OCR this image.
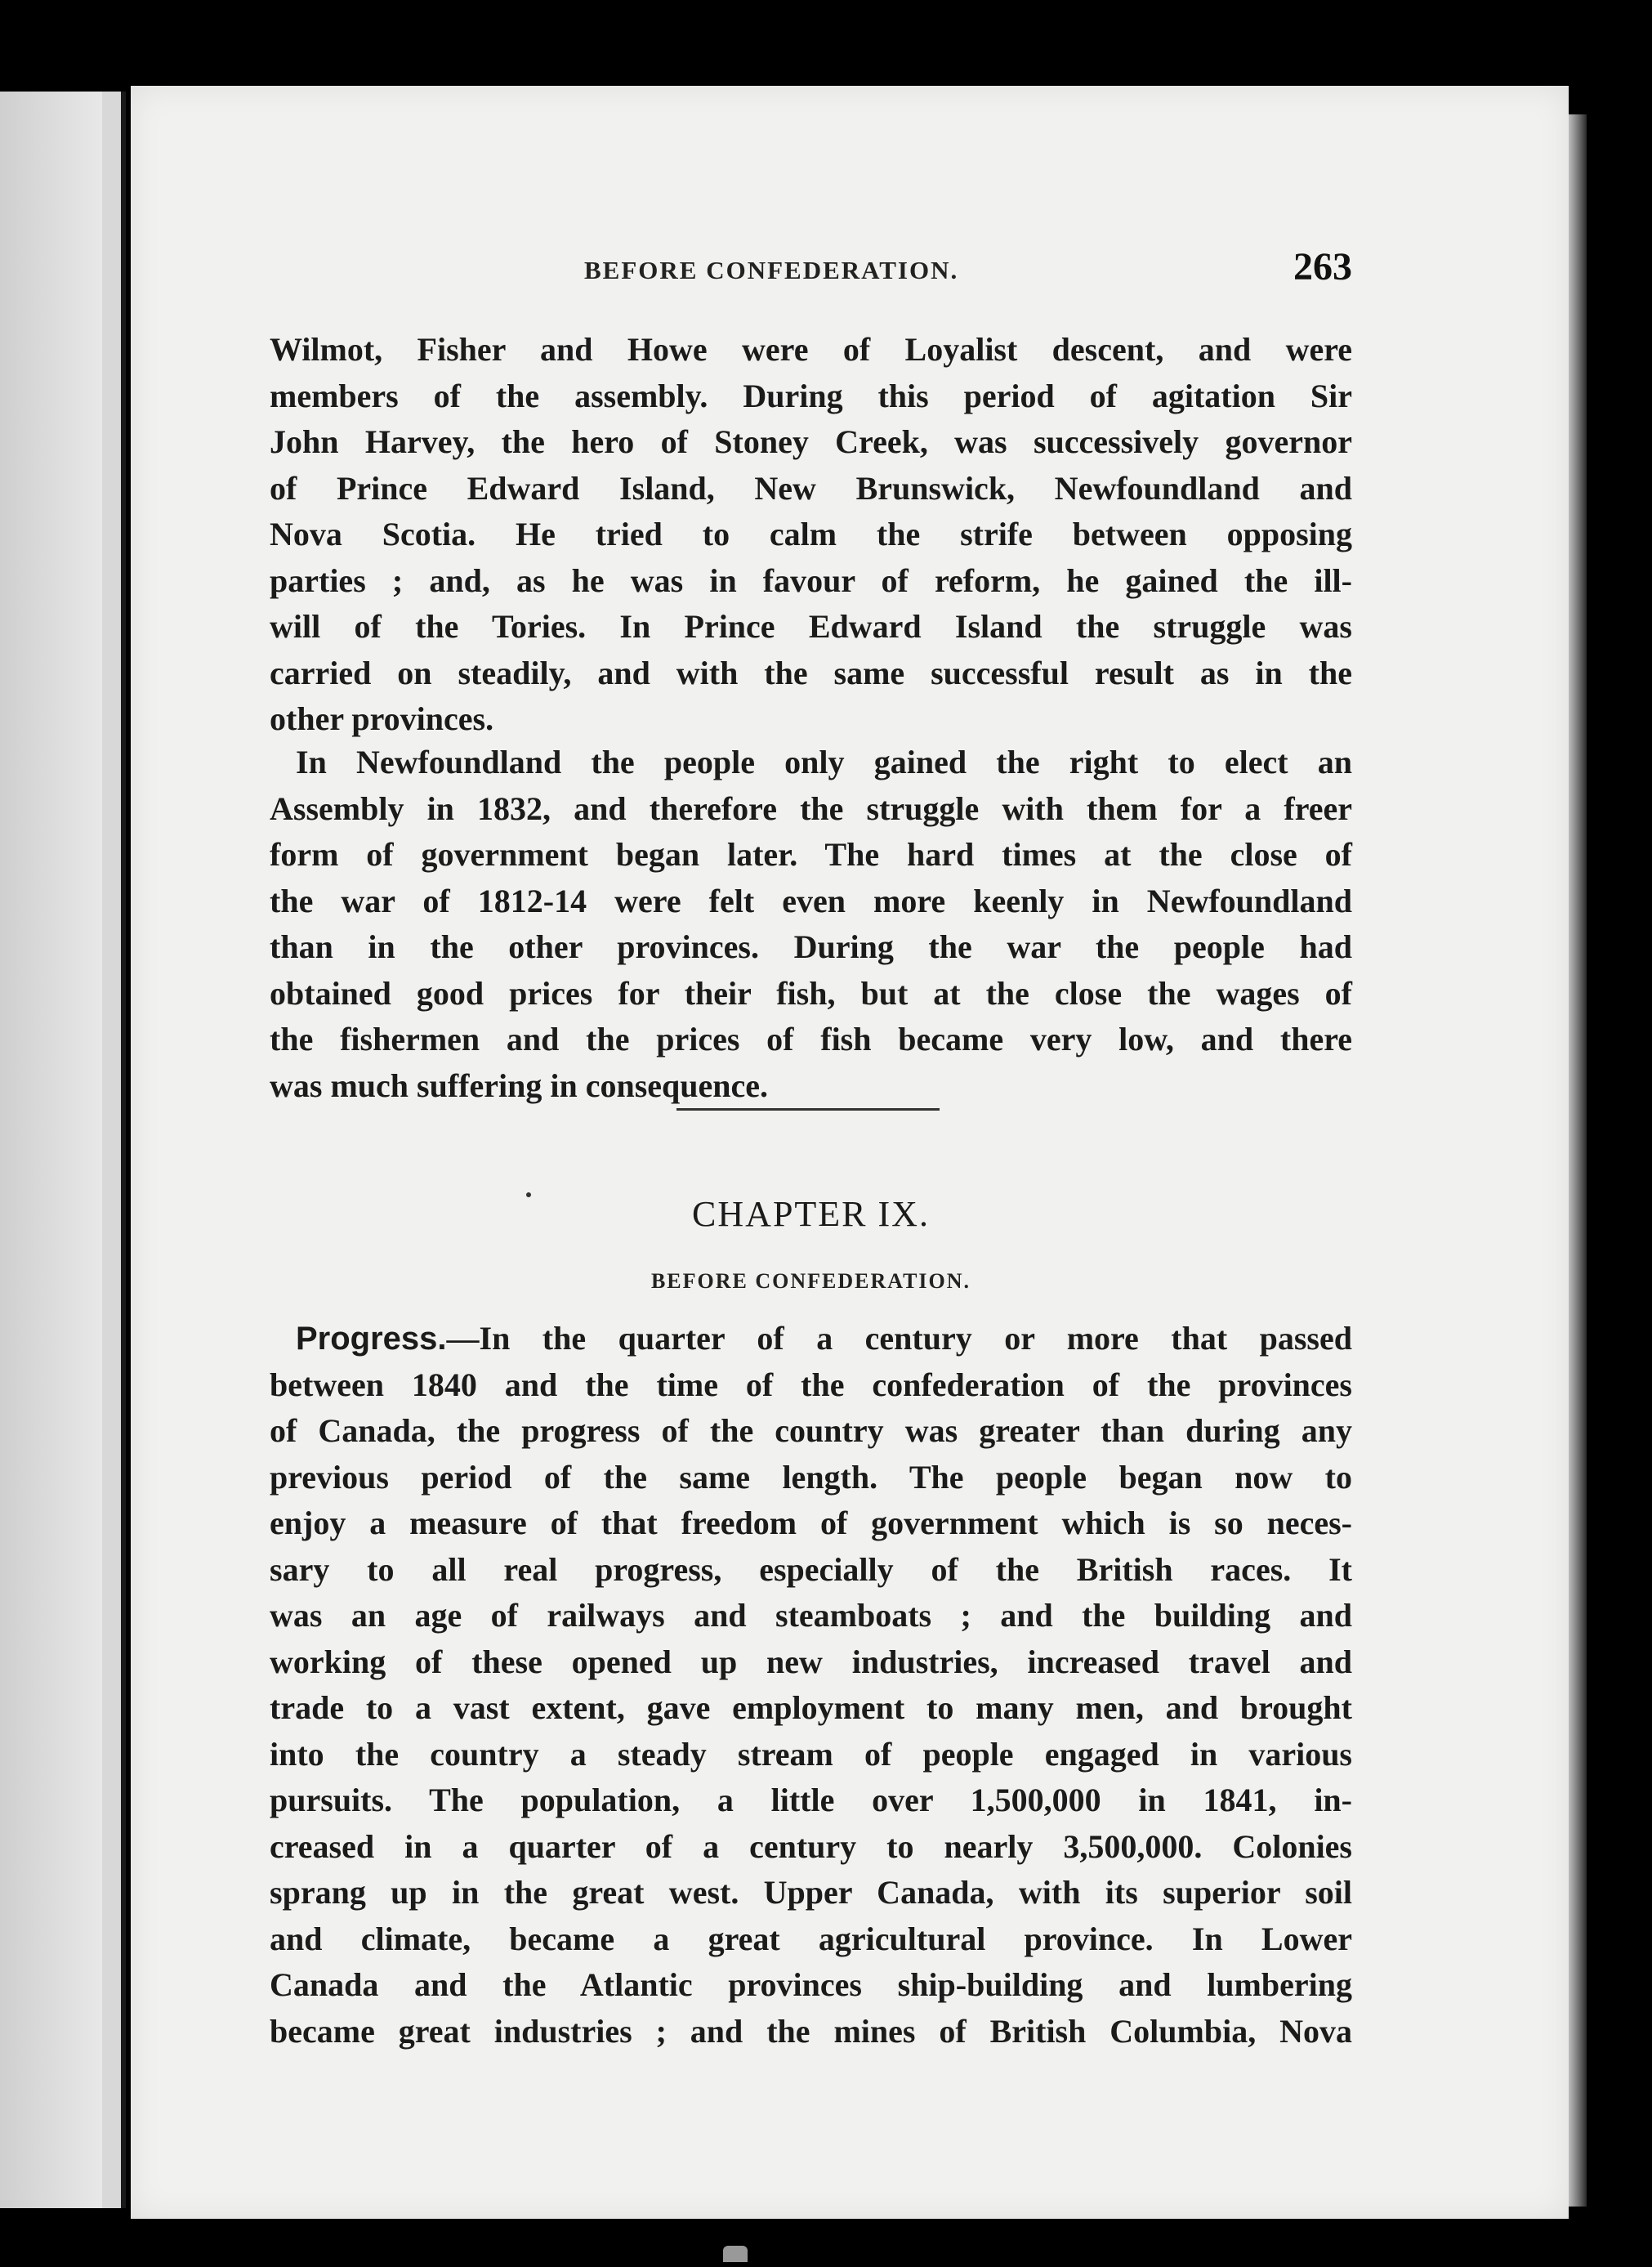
BEFORE CONFEDERATION.	263
Wilmot, Fisher and Howe were of Loyalist descent, and were
members of the assembly. During this period of agitation Sir
John Harvey, the hero of Stoney Creek, was successively governor
of Prince Edward Island, New Brunswick, Newfoundland and
Nova Scotia. He tried to calm the strife between opposing
parties ; and, as he was in favour of reform, he gained the ill-
will of the Tories. In Prince Edward Island the struggle was
carried on steadily, and with the same successful result as in the
other provinces.
In Newfoundland the people only gained the right to elect an
Assembly in 1832, and therefore the struggle with them for a freer
form of government began later. The hard times at the close of
the war of 1812-14 were felt even more keenly in Newfoundland
than in the other provinces. During the war the people had
obtained good prices for their fish, but at the close the wages of
the fishermen and the prices of fish became very low, and there
was much suffering in consequence.
CHAPTER IX.
BEFORE CONFEDERATION.
Progress.—In the quarter of a century or more that passed
between 1840 and the time of the confederation of the provinces
of Canada, the progress of the country was greater than during any
previous period of the same length. The people began now to
enjoy a measure of that freedom of government which is so neces-
sary to all real progress, especially of the British races. It
was an age of railways and steamboats ; and the building and
working of these opened up new industries, increased travel and
trade to a vast extent, gave employment to many men, and brought
into the country a steady stream of people engaged in various
pursuits. The population, a little over 1,500,000 in 1841, in-
creased in a quarter of a century to nearly 3,500,000. Colonies
sprang up in the great west. Upper Canada, with its superior soil
and climate, became a great agricultural province. In Lower
Canada and the Atlantic provinces ship-building and lumbering
became great industries ; and the mines of British Columbia, Nova
